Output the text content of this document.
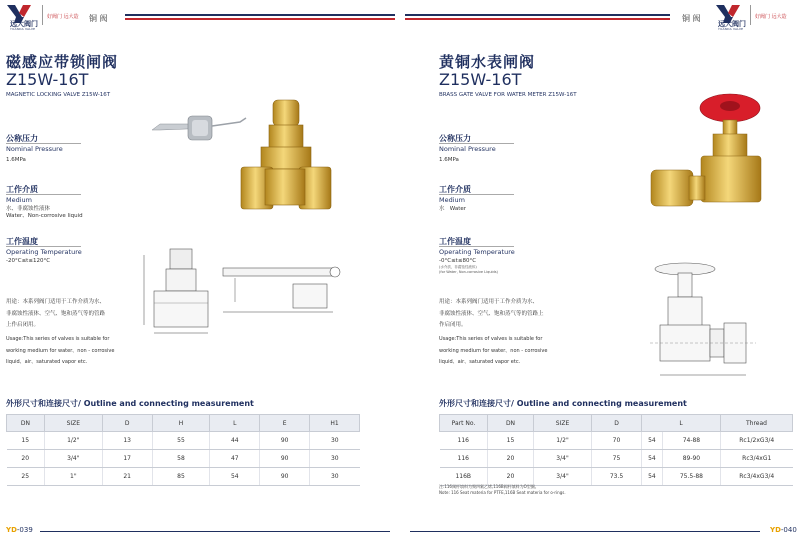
远大阀门
YUANDA VALVE
好阀门 远大造 铜 阀	铜 阀
远大阀门
YUANDA VALVE
好阀门 远大造
磁感应带锁闸阀
Z15W-16T
MAGNETIC LOCKING VALVE Z15W-16T
公称压力
Nominal Pressure
1.6MPa
工作介质
Medium
水、非腐蚀性液体
Water、Non-corrosive liquid
工作温度
Operating Temperature
-20°C≤t≤120°C
用途：本系列阀门适用于工作介质为水、
非腐蚀性液体、空气、饱和蒸气等的管路
上作启闭用。
Usage:This series of valves is suitable for
working medium for water、non - corrosive
liquid、air、saturated vapor etc.
外形尺寸和连接尺寸/ Outline and connecting measurement
DN	SIZE	D	H	L	E	H1
15	1/2"	13	55	44	90	30
20	3/4"	17	58	47	90	30
25	1"	21	85	54	90	30
YD-039
黄铜水表闸阀
Z15W-16T
BRASS GATE VALVE FOR WATER METER Z15W-16T
公称压力
Nominal Pressure
1.6MPa
工作介质
Medium
水   Water
工作温度
Operating Temperature
-0°C≤t≤80°C
(水介质，非腐蚀性液体)
(for Water, Non-corrosive Liquids)
用途：本系列阀门适用于工作介质为水、
非腐蚀性液体、空气、饱和蒸气等的管路上
作启闭用。
Usage:This series of valves is suitable for
working medium for water、non - corrosive
liquid、air、saturated vapor etc.
外形尺寸和连接尺寸/ Outline and connecting measurement
Part No.	DN	SIZE	D	L		Thread
116	15	1/2"	70	54	74-88	Rc1/2xG3/4
116	20	3/4"	75	54	89-90	Rc3/4xG1
116B	20	3/4"	73.5	54	75.5-88	Rc3/4xG3/4
注:116阀杆填料为聚四氟乙烯,116B阀杆填料为O型圈。
Note: 116 Seat materia for PTFE,116B Seat materia for o-rings.
YD-040
